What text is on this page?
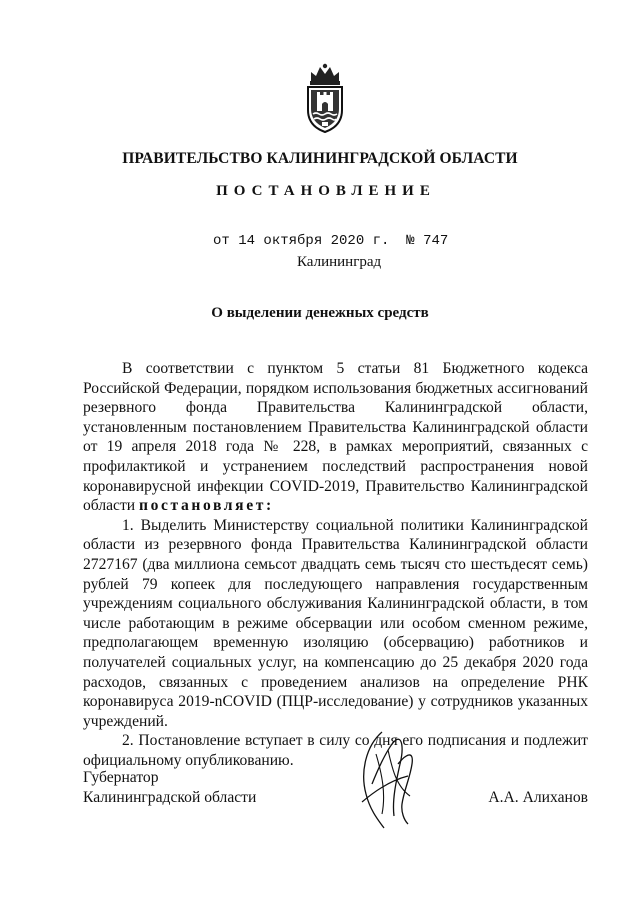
ПРАВИТЕЛЬСТВО КАЛИНИНГРАДСКОЙ ОБЛАСТИ
ПОСТАНОВЛЕНИЕ
от 14 октября 2020 г. № 747
Калининград
О выделении денежных средств

В соответствии с пунктом 5 статьи 81 Бюджетного кодекса Российской Федерации, порядком использования бюджетных ассигнований резервного фонда Правительства Калининградской области, установленным постановлением Правительства Калининградской области от 19 апреля 2018 года № 228, в рамках мероприятий, связанных с профилактикой и устранением последствий распространения новой коронавирусной инфекции COVID-2019, Правительство Калининградской области постановляет:

1. Выделить Министерству социальной политики Калининградской области из резервного фонда Правительства Калининградской области 2727167 (два миллиона семьсот двадцать семь тысяч сто шестьдесят семь) рублей 79 копеек для последующего направления государственным учреждениям социального обслуживания Калининградской области, в том числе работающим в режиме обсервации или особом сменном режиме, предполагающем временную изоляцию (обсервацию) работников и получателей социальных услуг, на компенсацию до 25 декабря 2020 года расходов, связанных с проведением анализов на определение РНК коронавируса 2019-nCOVID (ПЦР-исследование) у сотрудников указанных учреждений.

2. Постановление вступает в силу со дня его подписания и подлежит официальному опубликованию.

Губернатор
Калининградской области	А.А. Алиханов
